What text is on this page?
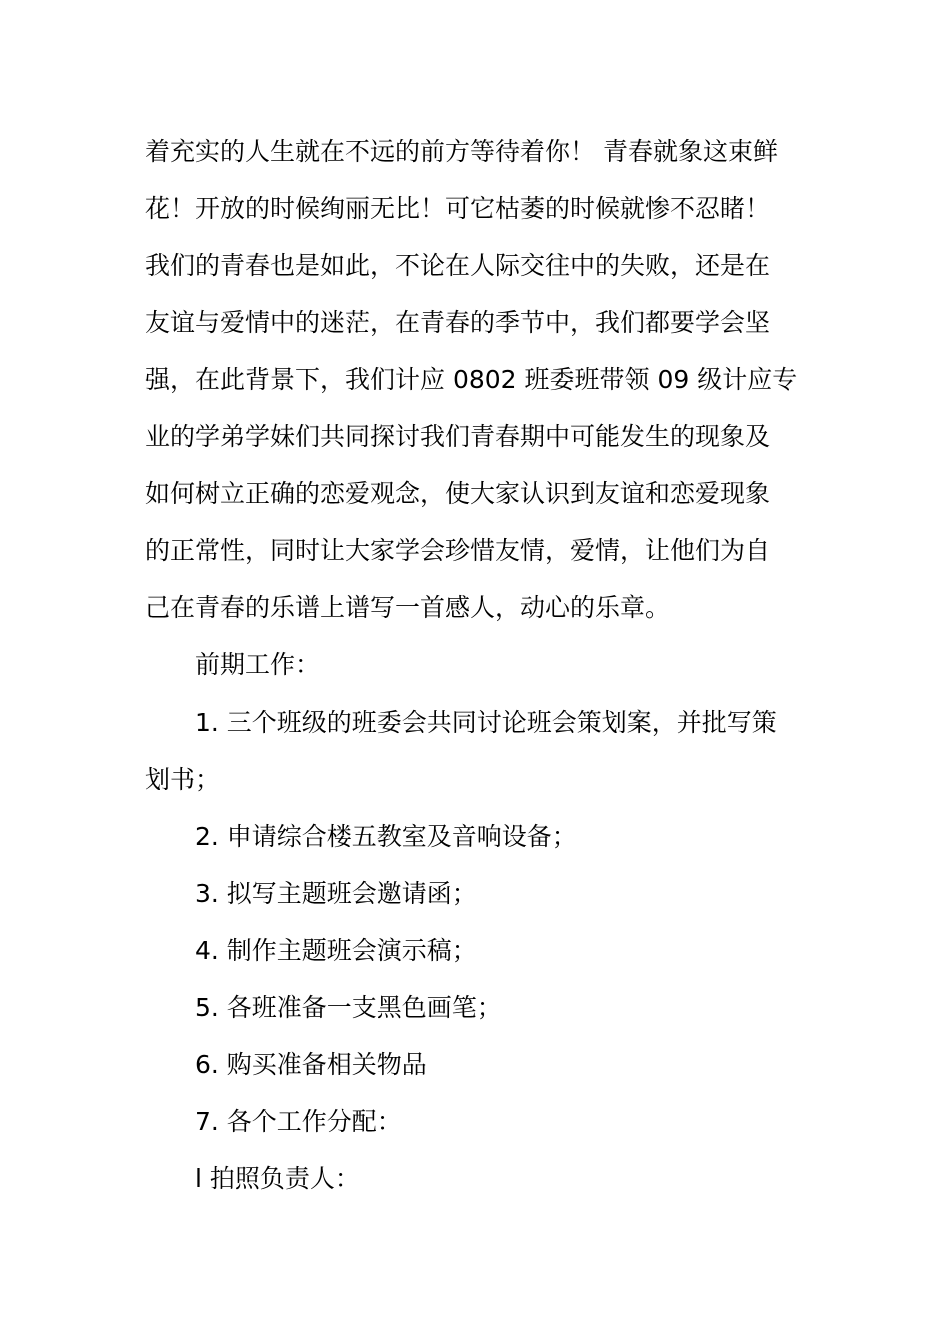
着充实的人生就在不远的前方等待着你！ 青春就象这束鲜
花！开放的时候绚丽无比！可它枯萎的时候就惨不忍睹！
我们的青春也是如此，不论在人际交往中的失败，还是在
友谊与爱情中的迷茫，在青春的季节中，我们都要学会坚
强，在此背景下，我们计应 0802 班委班带领 09 级计应专
业的学弟学妹们共同探讨我们青春期中可能发生的现象及
如何树立正确的恋爱观念，使大家认识到友谊和恋爱现象
的正常性，同时让大家学会珍惜友情，爱情，让他们为自
己在青春的乐谱上谱写一首感人，动心的乐章。
前期工作：
1. 三个班级的班委会共同讨论班会策划案，并批写策
划书；
2. 申请综合楼五教室及音响设备；
3. 拟写主题班会邀请函；
4. 制作主题班会演示稿；
5. 各班准备一支黑色画笔；
6. 购买准备相关物品
7. 各个工作分配：
l 拍照负责人：
